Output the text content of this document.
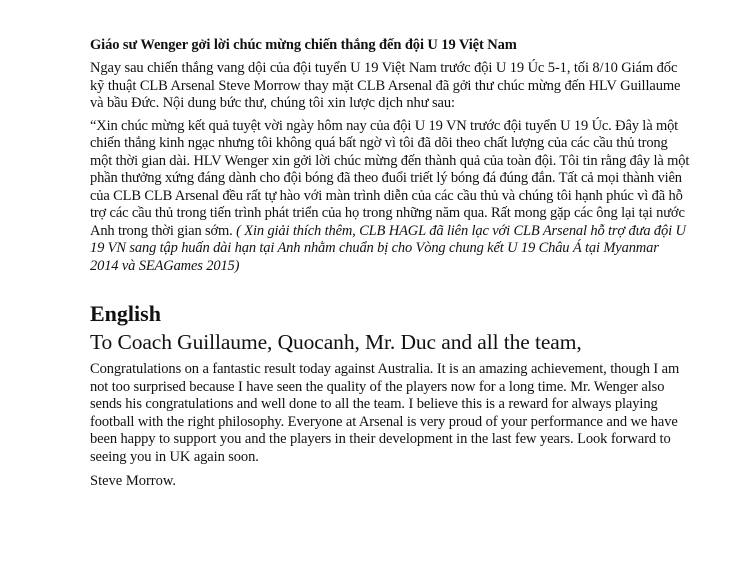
Giáo sư Wenger gởi lời chúc mừng chiến thắng đến đội U 19 Việt Nam
Ngay sau chiến thắng vang dội của đội tuyển U 19 Việt Nam trước đội U 19 Úc 5-1, tối 8/10 Giám đốc kỹ thuật CLB Arsenal Steve Morrow thay mặt CLB Arsenal đã gởi thư chúc mừng đến HLV Guillaume và bầu Đức. Nội dung bức thư, chúng tôi xin lược dịch như sau:
“Xin chúc mừng kết quả tuyệt vời ngày hôm nay của đội U 19 VN trước đội tuyển U 19 Úc. Đây là một chiến thắng kinh ngạc nhưng tôi không quá bất ngờ vì tôi đã dõi theo chất lượng của các cầu thủ trong một thời gian dài. HLV Wenger xin gởi lời chúc mừng đến thành quả của toàn đội. Tôi tin rằng đây là một phần thưởng xứng đáng dành cho đội bóng đã theo đuổi triết lý bóng đá đúng đắn. Tất cả mọi thành viên của CLB CLB Arsenal đều rất tự hào với màn trình diễn của các cầu thủ và chúng tôi hạnh phúc vì đã hỗ trợ các cầu thủ trong tiến trình phát triển của họ trong những năm qua. Rất mong gặp các ông lại tại nước Anh trong thời gian sớm. ( Xin giải thích thêm, CLB HAGL đã liên lạc với CLB Arsenal hỗ trợ đưa đội U 19 VN sang tập huấn dài hạn tại Anh nhằm chuẩn bị cho Vòng chung kết U 19 Châu Á tại Myanmar 2014 và SEAGames 2015)
English
To Coach Guillaume, Quocanh, Mr. Duc and all the team,
Congratulations on a fantastic result today against Australia. It is an amazing achievement, though I am not too surprised because I have seen the quality of the players now for a long time. Mr. Wenger also sends his congratulations and well done to all the team. I believe this is a reward for always playing football with the right philosophy. Everyone at Arsenal is very proud of your performance and we have been happy to support you and the players in their development in the last few years. Look forward to seeing you in UK again soon.
Steve Morrow.
